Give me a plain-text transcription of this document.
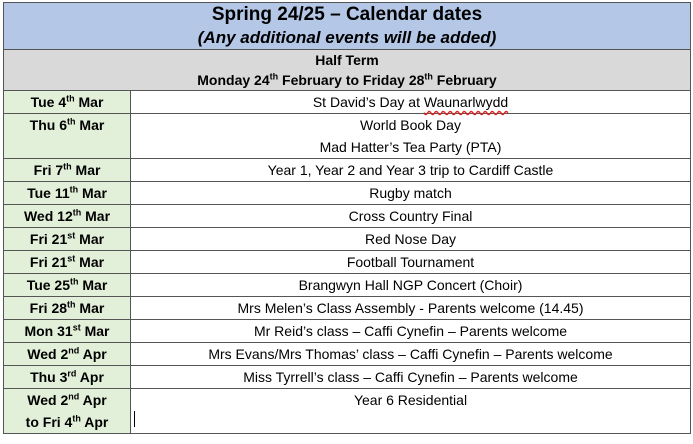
Spring 24/25 – Calendar dates
(Any additional events will be added)	

Half Term
Monday 24th February to Friday 28th February	

Tue 4th Mar	St David’s Day at Waunarlwydd

Thu 6th Mar	World Book Day
Mad Hatter’s Tea Party (PTA)

Fri 7th Mar	Year 1, Year 2 and Year 3 trip to Cardiff Castle

Tue 11th Mar	Rugby match

Wed 12th Mar	Cross Country Final

Fri 21st Mar	Red Nose Day

Fri 21st Mar	Football Tournament

Tue 25th Mar	Brangwyn Hall NGP Concert (Choir)

Fri 28th Mar	Mrs Melen’s Class Assembly - Parents welcome (14.45)

Mon 31st Mar	Mr Reid’s class – Caffi Cynefin – Parents welcome

Wed 2nd Apr	Mrs Evans/Mrs Thomas’ class – Caffi Cynefin – Parents welcome

Thu 3rd Apr	Miss Tyrrell’s class – Caffi Cynefin – Parents welcome

Wed 2nd Apr
to Fri 4th Apr	Year 6 Residential
